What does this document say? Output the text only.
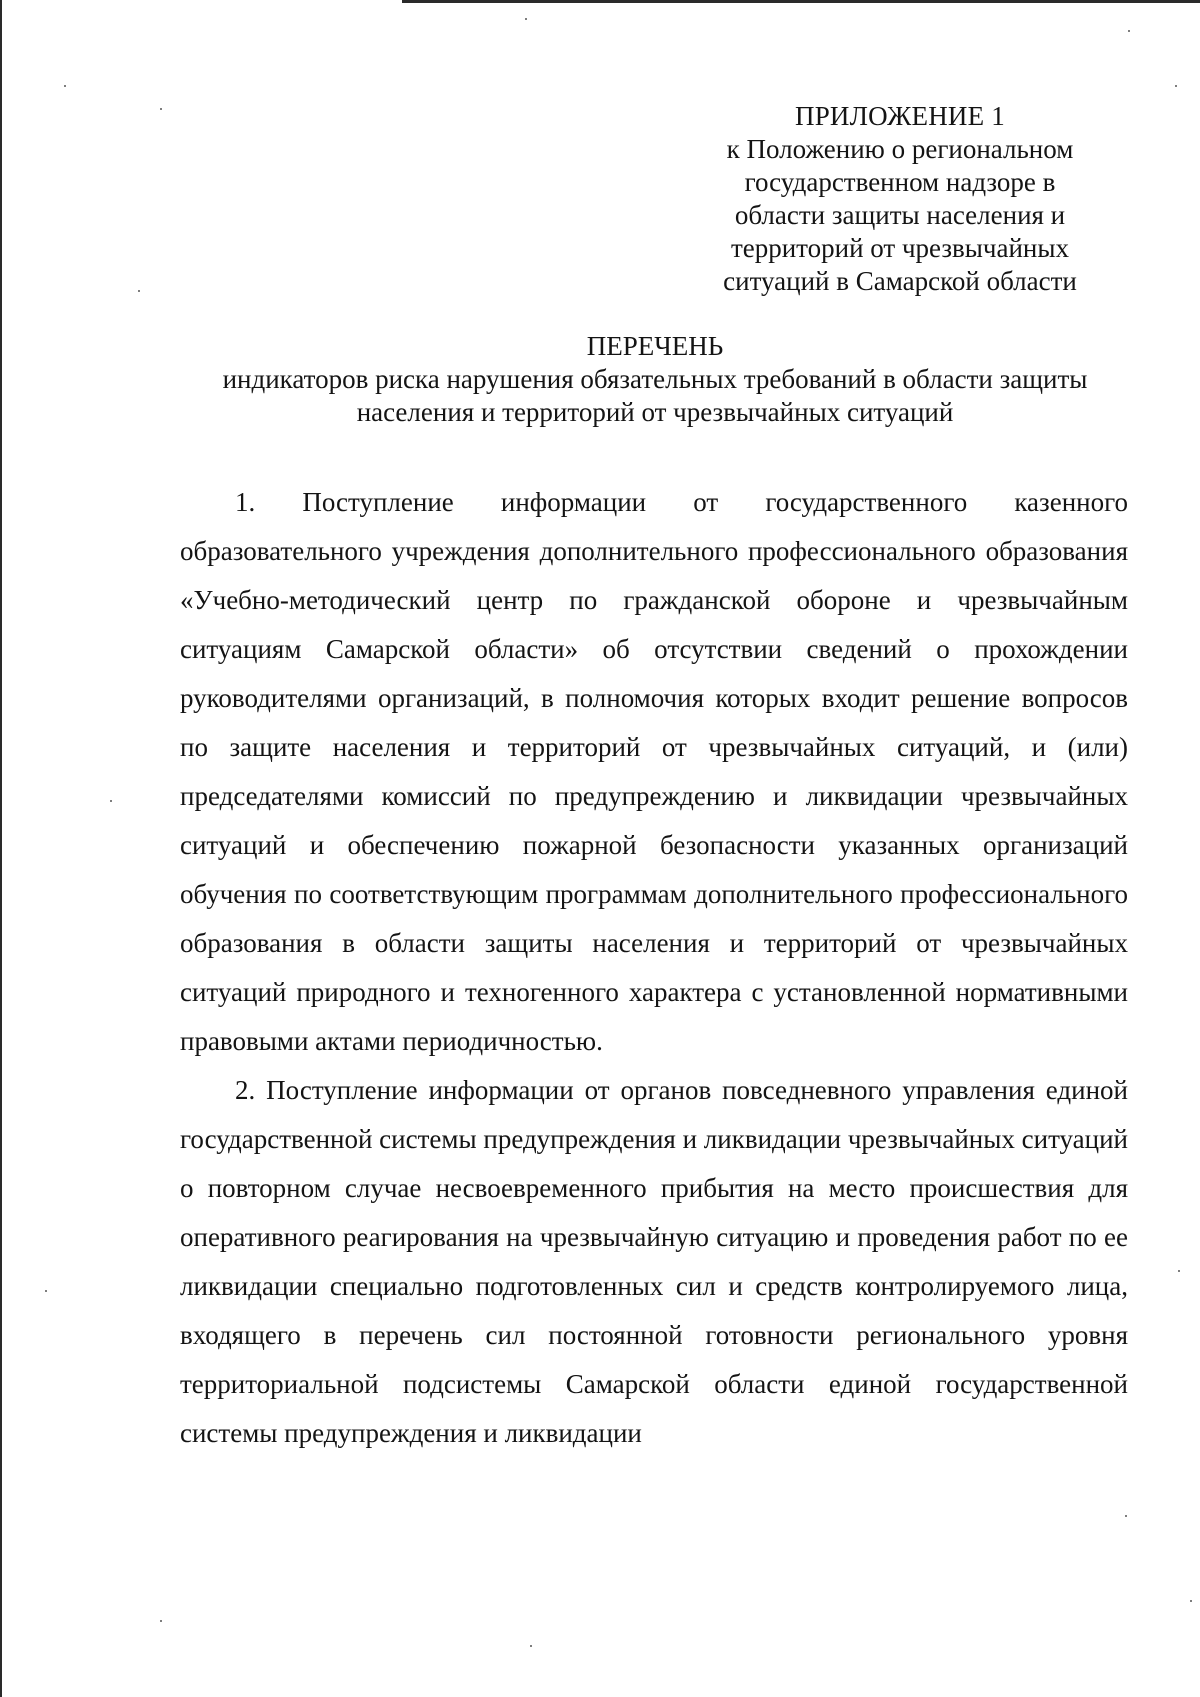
ПРИЛОЖЕНИЕ 1
к Положению о региональном
государственном надзоре в
области защиты населения и
территорий от чрезвычайных
ситуаций в Самарской области
ПЕРЕЧЕНЬ
индикаторов риска нарушения обязательных требований в области защиты
населения и территорий от чрезвычайных ситуаций

1. Поступление информации от государственного казенного образовательного учреждения дополнительного профессионального образования «Учебно-методический центр по гражданской обороне и чрезвычайным ситуациям Самарской области» об отсутствии сведений о прохождении руководителями организаций, в полномочия которых входит решение вопросов по защите населения и территорий от чрезвычайных ситуаций, и (или) председателями комиссий по предупреждению и ликвидации чрезвычайных ситуаций и обеспечению пожарной безопасности указанных организаций обучения по соответствующим программам дополнительного профессионального образования в области защиты населения и территорий от чрезвычайных ситуаций природного и техногенного характера с установленной нормативными правовыми актами периодичностью.

2. Поступление информации от органов повседневного управления единой государственной системы предупреждения и ликвидации чрезвычайных ситуаций о повторном случае несвоевременного прибытия на место происшествия для оперативного реагирования на чрезвычайную ситуацию и проведения работ по ее ликвидации специально подготовленных сил и средств контролируемого лица, входящего в перечень сил постоянной готовности регионального уровня территориальной подсистемы Самарской области единой государственной системы предупреждения и ликвидации
